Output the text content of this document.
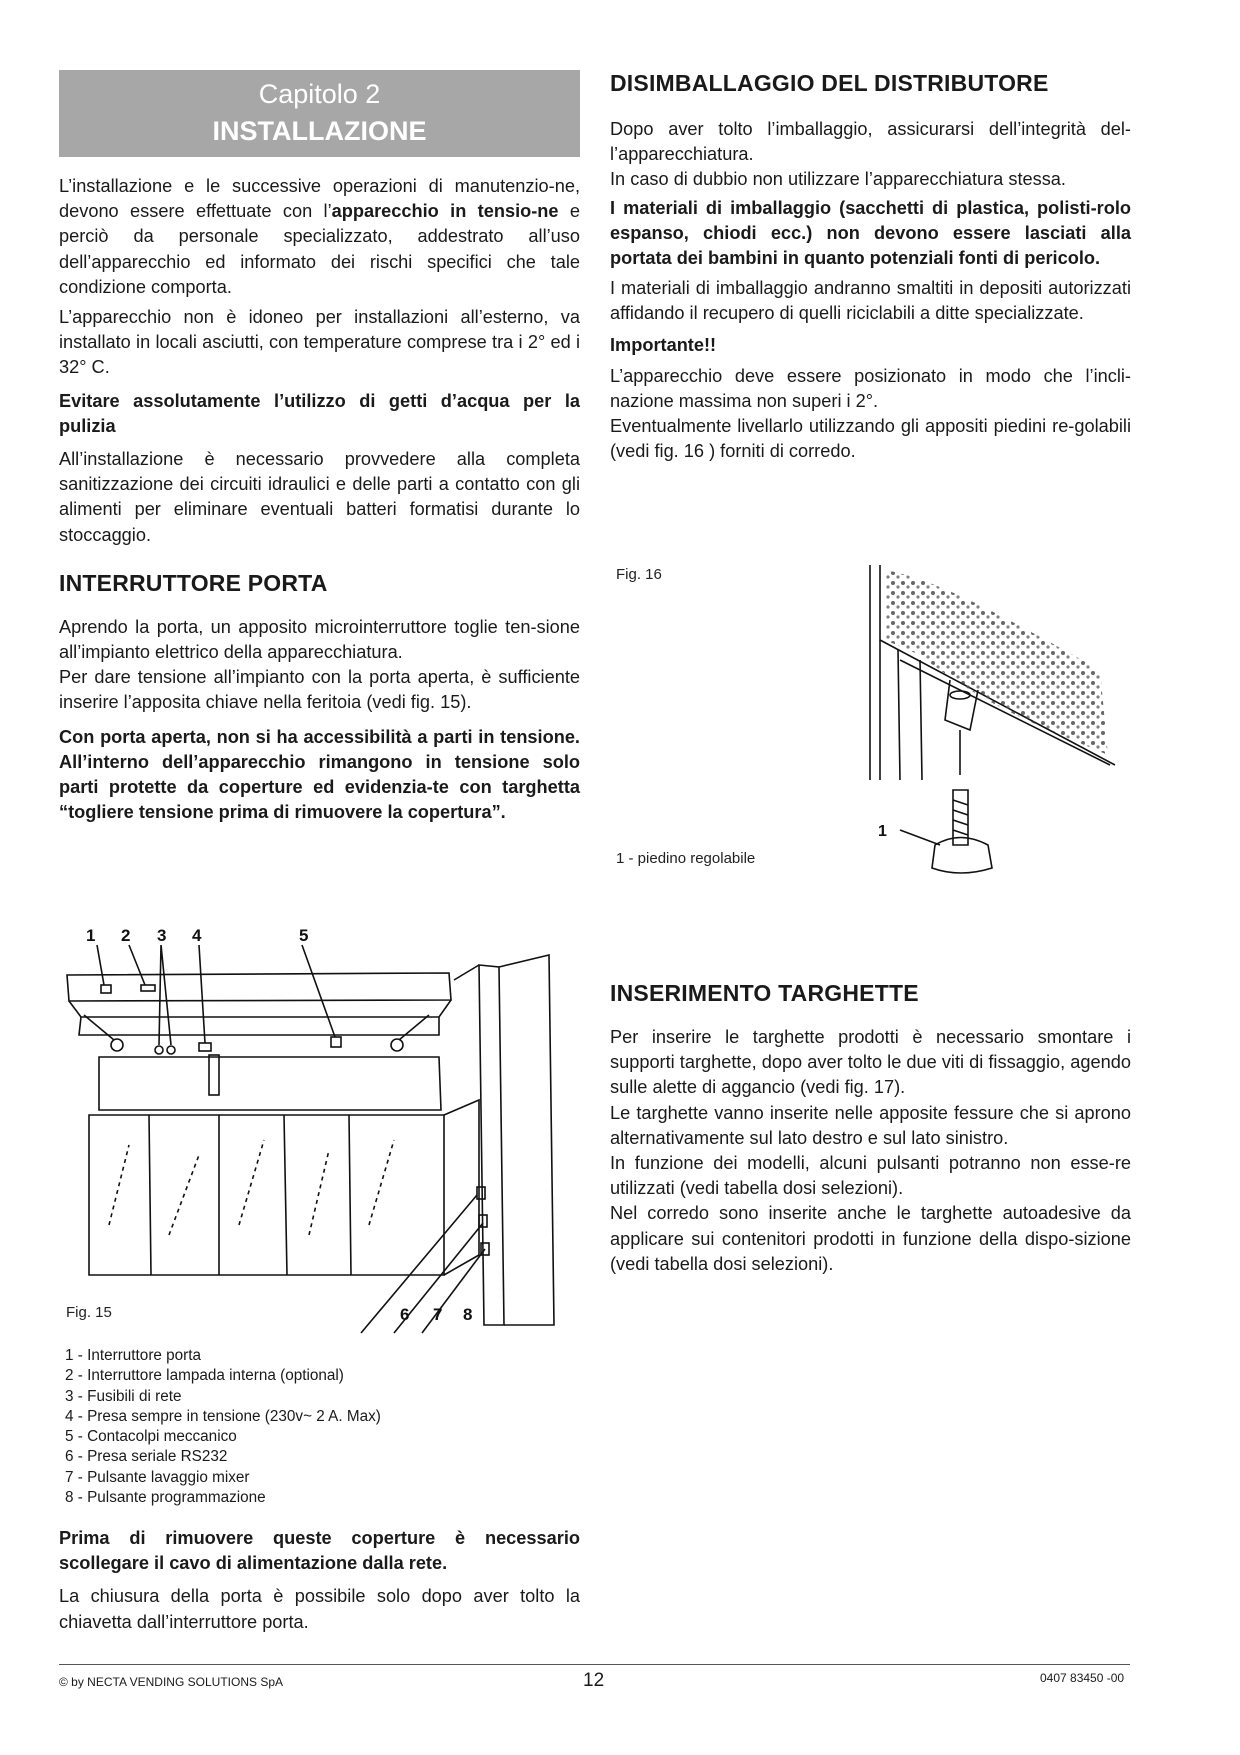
Capitolo 2
INSTALLAZIONE

L’installazione e le successive operazioni di manutenzio-ne, devono essere effettuate con l’apparecchio in tensio-ne e perciò da personale specializzato, addestrato all’uso dell’apparecchio ed informato dei rischi specifici che tale condizione comporta.

L’apparecchio non è idoneo per installazioni all’esterno, va installato in locali asciutti, con temperature comprese tra i 2° ed i 32° C.

Evitare assolutamente l’utilizzo di getti d’acqua per la pulizia

All’installazione è necessario provvedere alla completa sanitizzazione dei circuiti idraulici e delle parti a contatto con gli alimenti per eliminare eventuali batteri formatisi durante lo stoccaggio.

INTERRUTTORE PORTA

Aprendo la porta, un apposito microinterruttore toglie ten-sione all’impianto elettrico della apparecchiatura.

Per dare tensione all’impianto con la porta aperta, è sufficiente inserire l’apposita chiave nella feritoia (vedi fig. 15).

Con porta aperta, non si ha accessibilità a parti in tensione. All’interno dell’apparecchio rimangono in tensione solo parti protette da coperture ed evidenzia-te con targhetta “togliere tensione prima di rimuovere la copertura”.

1 2 3 4	5
Fig. 15	6 7 8
1 - Interruttore porta
2 - Interruttore lampada interna (optional)
3 - Fusibili di rete
4 - Presa sempre in tensione (230v~ 2 A. Max)
5 - Contacolpi meccanico
6 - Presa seriale RS232
7 - Pulsante lavaggio mixer
8 - Pulsante programmazione

Prima di rimuovere queste coperture è necessario scollegare il cavo di alimentazione dalla rete.

La chiusura della porta è possibile solo dopo aver tolto la chiavetta dall’interruttore porta.

DISIMBALLAGGIO DEL DISTRIBUTORE

Dopo aver tolto l’imballaggio, assicurarsi dell’integrità del-l’apparecchiatura.

In caso di dubbio non utilizzare l’apparecchiatura stessa.

I materiali di imballaggio (sacchetti di plastica, polisti-rolo espanso, chiodi ecc.) non devono essere lasciati alla portata dei bambini in quanto potenziali fonti di pericolo.

I materiali di imballaggio andranno smaltiti in depositi autorizzati affidando il recupero di quelli riciclabili a ditte specializzate.

Importante!!

L’apparecchio deve essere posizionato in modo che l’incli-nazione massima non superi i 2°.

Eventualmente livellarlo utilizzando gli appositi piedini re-golabili (vedi fig. 16 ) forniti di corredo.

Fig. 16
1
1 - piedino regolabile
INSERIMENTO TARGHETTE

Per inserire le targhette prodotti è necessario smontare i supporti targhette, dopo aver tolto le due viti di fissaggio, agendo sulle alette di aggancio (vedi fig. 17).

Le targhette vanno inserite nelle apposite fessure che si aprono alternativamente sul lato destro e sul lato sinistro.

In funzione dei modelli, alcuni pulsanti potranno non esse-re utilizzati (vedi tabella dosi selezioni).

Nel corredo sono inserite anche le targhette autoadesive da applicare sui contenitori prodotti in funzione della dispo-sizione (vedi tabella dosi selezioni).

© by NECTA VENDING SOLUTIONS SpA	12	0407 83450 -00
